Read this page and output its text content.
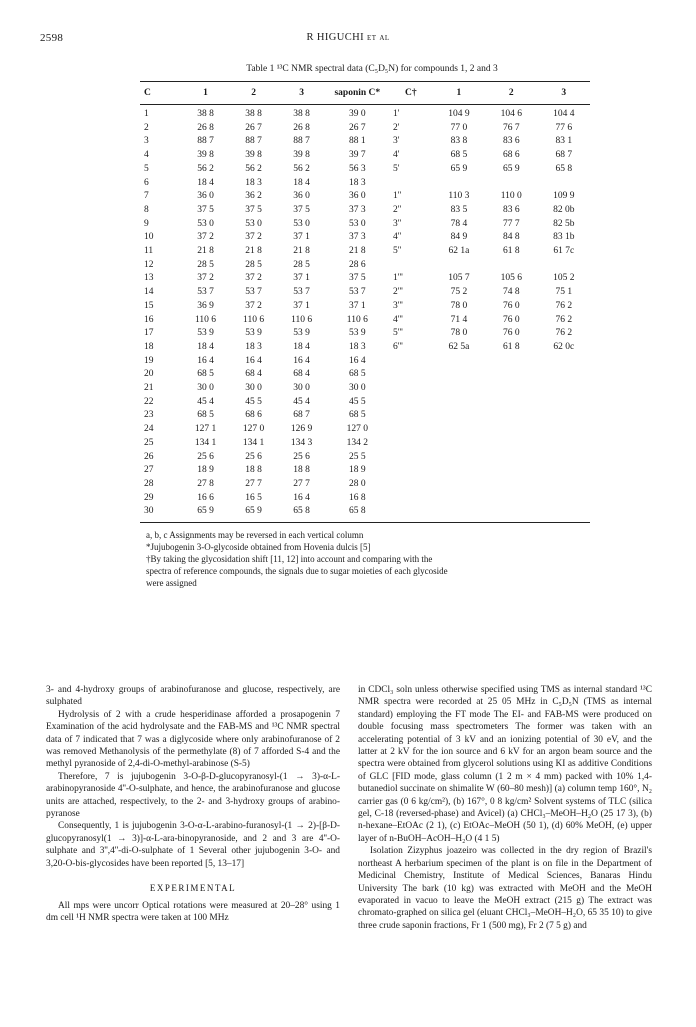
2598	R HIGUCHI et al
Table 1 ¹³C NMR spectral data (C₅D₅N) for compounds 1, 2 and 3
C	1	2	3	saponin C*	C†	1	2	3
1	38 8	38 8	38 8	39 0	1'	104 9	104 6	104 4
2	26 8	26 7	26 8	26 7	2'	77 0	76 7	77 6
3	88 7	88 7	88 7	88 1	3'	83 8	83 6	83 1
4	39 8	39 8	39 8	39 7	4'	68 5	68 6	68 7
5	56 2	56 2	56 2	56 3	5'	65 9	65 9	65 8
6	18 4	18 3	18 4	18 3				
7	36 0	36 2	36 0	36 0	1''	110 3	110 0	109 9
8	37 5	37 5	37 5	37 3	2''	83 5	83 6	82 0b
9	53 0	53 0	53 0	53 0	3''	78 4	77 7	82 5b
10	37 2	37 2	37 1	37 3	4''	84 9	84 8	83 1b
11	21 8	21 8	21 8	21 8	5''	62 1a	61 8	61 7c
12	28 5	28 5	28 5	28 6				
13	37 2	37 2	37 1	37 5	1'''	105 7	105 6	105 2
14	53 7	53 7	53 7	53 7	2'''	75 2	74 8	75 1
15	36 9	37 2	37 1	37 1	3'''	78 0	76 0	76 2
16	110 6	110 6	110 6	110 6	4'''	71 4	76 0	76 2
17	53 9	53 9	53 9	53 9	5'''	78 0	76 0	76 2
18	18 4	18 3	18 4	18 3	6'''	62 5a	61 8	62 0c
19	16 4	16 4	16 4	16 4				
20	68 5	68 4	68 4	68 5				
21	30 0	30 0	30 0	30 0				
22	45 4	45 5	45 4	45 5				
23	68 5	68 6	68 7	68 5				
24	127 1	127 0	126 9	127 0				
25	134 1	134 1	134 3	134 2				
26	25 6	25 6	25 6	25 5				
27	18 9	18 8	18 8	18 9				
28	27 8	27 7	27 7	28 0				
29	16 6	16 5	16 4	16 8				
30	65 9	65 9	65 8	65 8				
a, b, c Assignments may be reversed in each vertical column
*Jujubogenin 3-O-glycoside obtained from Hovenia dulcis [5]
†By taking the glycosidation shift [11, 12] into account and comparing with the
spectra of reference compounds, the signals due to sugar moieties of each glycoside
were assigned

3- and 4-hydroxy groups of arabinofuranose and glucose, respectively, are sulphated

Hydrolysis of 2 with a crude hesperidinase afforded a prosapogenin 7 Examination of the acid hydrolysate and the FAB-MS and ¹³C NMR spectral data of 7 indicated that 7 was a diglycoside where only arabinofuranose of 2 was removed Methanolysis of the permethylate (8) of 7 afforded S-4 and the methyl pyranoside of 2,4-di-O-methyl-arabinose (S-5)

Therefore, 7 is jujubogenin 3-O-β-D-glucopyranosyl-(1 → 3)-α-L-arabinopyranoside 4''-O-sulphate, and hence, the arabinofuranose and glucose units are attached, respectively, to the 2- and 3-hydroxy groups of arabino-pyranose

Consequently, 1 is jujubogenin 3-O-α-L-arabino-furanosyl-(1 → 2)-[β-D-glucopyranosyl(1 → 3)]-α-L-ara-binopyranoside, and 2 and 3 are 4''-O-sulphate and 3'',4''-di-O-sulphate of 1 Several other jujubogenin 3-O- and 3,20-O-bis-glycosides have been reported [5, 13–17]

EXPERIMENTAL

All mps were uncorr Optical rotations were measured at 20–28° using 1 dm cell ¹H NMR spectra were taken at 100 MHz

in CDCl₃ soln unless otherwise specified using TMS as internal standard ¹³C NMR spectra were recorded at 25 05 MHz in C₅D₅N (TMS as internal standard) employing the FT mode The EI- and FAB-MS were produced on double focusing mass spectrometers The former was taken with an accelerating potential of 3 kV and an ionizing potential of 30 eV, and the latter at 2 kV for the ion source and 6 kV for an argon beam source and the spectra were obtained from glycerol solutions using KI as additive Conditions of GLC [FID mode, glass column (1 2 m × 4 mm) packed with 10% 1,4-butanediol succinate on shimalite W (60–80 mesh)] (a) column temp 160°, N₂ carrier gas (0 6 kg/cm²), (b) 167°, 0 8 kg/cm² Solvent systems of TLC (silica gel, C-18 (reversed-phase) and Avicel) (a) CHCl₃–MeOH–H₂O (25 17 3), (b) n-hexane–EtOAc (2 1), (c) EtOAc–MeOH (50 1), (d) 60% MeOH, (e) upper layer of n-BuOH–AcOH–H₂O (4 1 5)

Isolation Zizyphus joazeiro was collected in the dry region of Brazil's northeast A herbarium specimen of the plant is on file in the Department of Medicinal Chemistry, Institute of Medical Sciences, Banaras Hindu University The bark (10 kg) was extracted with MeOH and the MeOH evaporated in vacuo to leave the MeOH extract (215 g) The extract was chromato-graphed on silica gel (eluant CHCl₃–MeOH–H₂O, 65 35 10) to give three crude saponin fractions, Fr 1 (500 mg), Fr 2 (7 5 g) and
